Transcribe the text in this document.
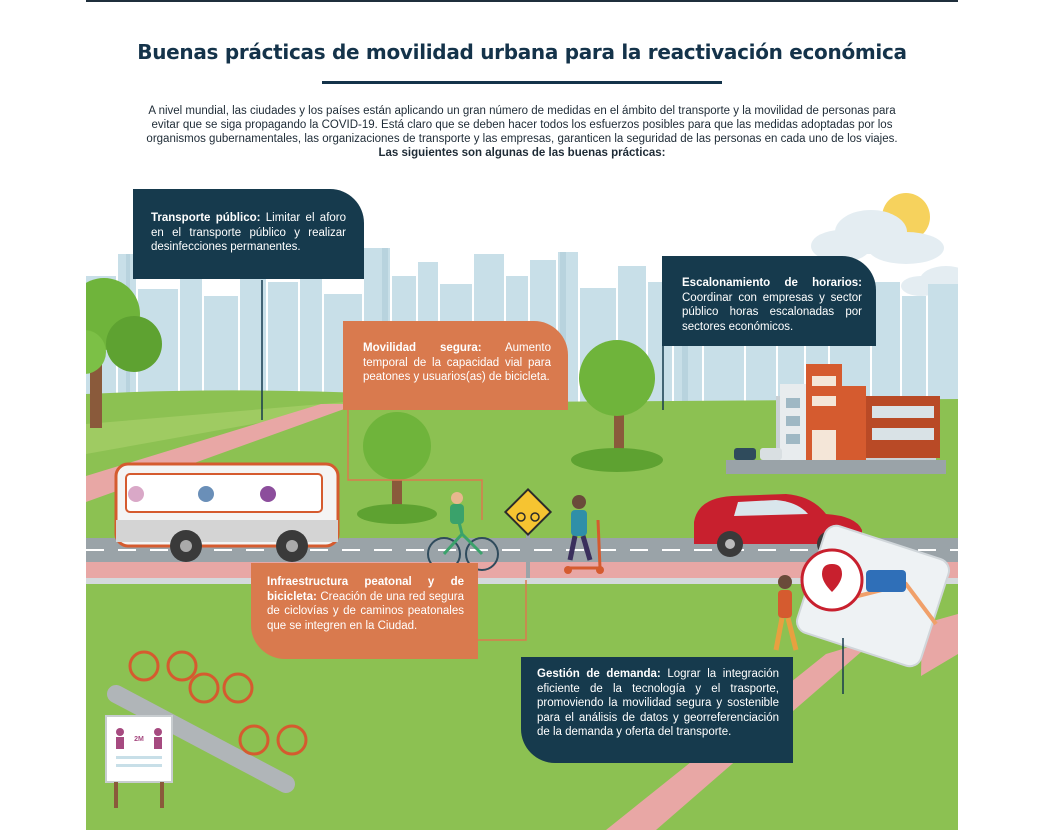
Buenas prácticas de movilidad urbana para la reactivación económica
A nivel mundial, las ciudades y los países están aplicando un gran número de medidas en el ámbito del transporte y la movilidad de personas para evitar que se siga propagando la COVID-19. Está claro que se deben hacer todos los esfuerzos posibles para que las medidas adoptadas por los organismos gubernamentales, las organizaciones de transporte y las empresas, garanticen la seguridad de las personas en cada uno de los viajes.
Las siguientes son algunas de las buenas prácticas:
2M
Transporte público: Limitar el aforo en el transporte público y realizar desinfecciones permanentes.
Escalonamiento de horarios: Coordinar con empresas y sector público horas escalonadas por sectores económicos.
Movilidad segura: Aumento temporal de la capacidad vial para peatones y usuarios(as) de bicicleta.
Infraestructura peatonal y de bicicleta: Creación de una red segura de ciclovías y de caminos peatonales que se integren en la Ciudad.
Gestión de demanda: Lograr la integración eficiente de la tecnología y el trasporte, promoviendo la movilidad segura y sostenible para el análisis de datos y georreferenciación de la demanda y oferta del transporte.
